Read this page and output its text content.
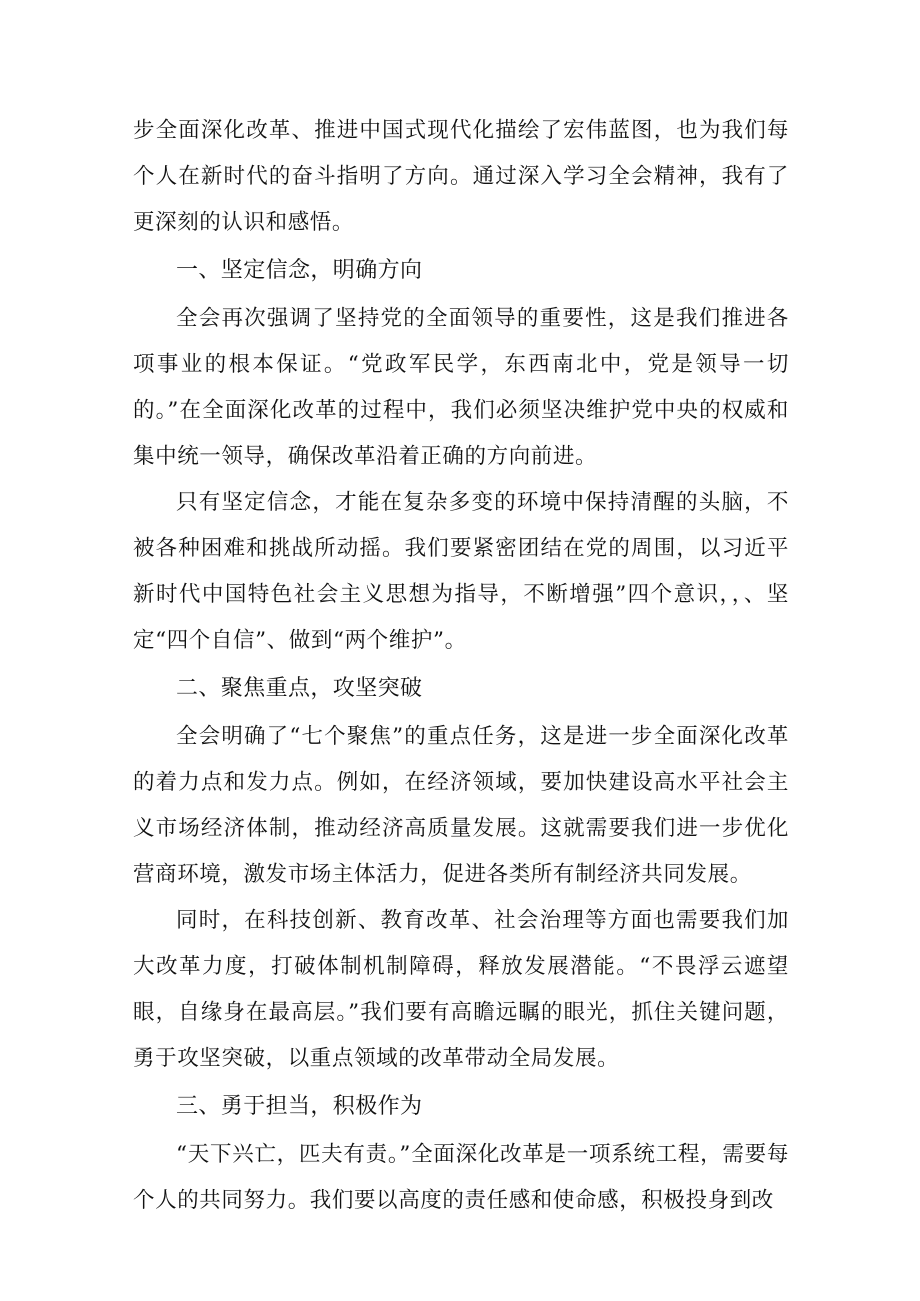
步全面深化改革、推进中国式现代化描绘了宏伟蓝图，也为我们每个人在新时代的奋斗指明了方向。通过深入学习全会精神，我有了更深刻的认识和感悟。

一、坚定信念，明确方向

全会再次强调了坚持党的全面领导的重要性，这是我们推进各项事业的根本保证。“党政军民学，东西南北中，党是领导一切的。”在全面深化改革的过程中，我们必须坚决维护党中央的权威和集中统一领导，确保改革沿着正确的方向前进。

只有坚定信念，才能在复杂多变的环境中保持清醒的头脑，不被各种困难和挑战所动摇。我们要紧密团结在党的周围，以习近平新时代中国特色社会主义思想为指导，不断增强”四个意识，，、坚定“四个自信”、做到“两个维护”。

二、聚焦重点，攻坚突破

全会明确了“七个聚焦”的重点任务，这是进一步全面深化改革的着力点和发力点。例如，在经济领域，要加快建设高水平社会主义市场经济体制，推动经济高质量发展。这就需要我们进一步优化营商环境，激发市场主体活力，促进各类所有制经济共同发展。

同时，在科技创新、教育改革、社会治理等方面也需要我们加大改革力度，打破体制机制障碍，释放发展潜能。“不畏浮云遮望眼，自缘身在最高层。”我们要有高瞻远瞩的眼光，抓住关键问题，勇于攻坚突破，以重点领域的改革带动全局发展。

三、勇于担当，积极作为

“天下兴亡，匹夫有责。”全面深化改革是一项系统工程，需要每个人的共同努力。我们要以高度的责任感和使命感，积极投身到改
